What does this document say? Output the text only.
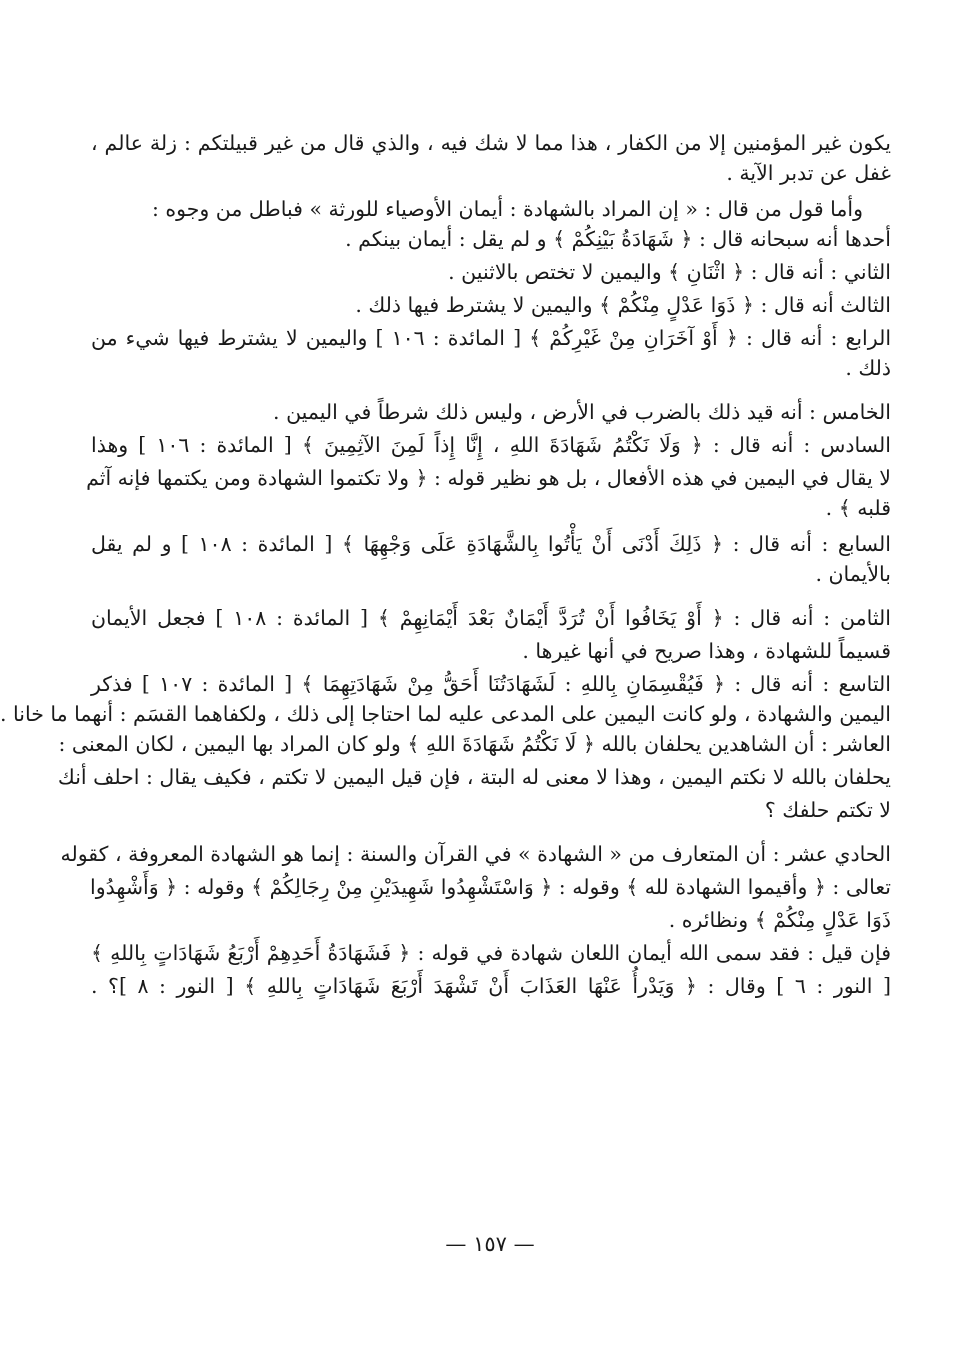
يكون غير المؤمنين إلا من الكفار ، هذا مما لا شك فيه ، والذي قال من غير قبيلتكم : زلة عالم ،
غفل عن تدبر الآية .
وأما قول من قال : « إن المراد بالشهادة : أيمان الأوصياء للورثة » فباطل من وجوه :
أحدها أنه سبحانه قال : ﴿ شَهَادَةُ بَيْنِكُمْ ﴾ و لم يقل : أيمان بينكم .
الثاني : أنه قال : ﴿ اثْنَانِ ﴾ واليمين لا تختص بالاثنين .
الثالث أنه قال : ﴿ ذَوَا عَدْلٍ مِنْكُمْ ﴾ واليمين لا يشترط فيها ذلك .
الرابع : أنه قال : ﴿ أَوْ آخَرَانِ مِنْ غَيْرِكُمْ ﴾ [ المائدة : ١٠٦ ] واليمين لا يشترط فيها شيء من
ذلك .
الخامس : أنه قيد ذلك بالضرب في الأرض ، وليس ذلك شرطاً في اليمين .
السادس : أنه قال : ﴿ وَلَا نَكْتُمُ شَهَادَةَ اللهِ ، إِنَّا إِذاً لَمِنَ الآثِمِينَ ﴾ [ المائدة : ١٠٦ ] وهذا
لا يقال في اليمين في هذه الأفعال ، بل هو نظير قوله : ﴿ ولا تكتموا الشهادة ومن يكتمها فإنه آثم
قلبه ﴾ .
السابع : أنه قال : ﴿ ذَلِكَ أَدْنَى أَنْ يَأْتُوا بِالشَّهَادَةِ عَلَى وَجْهِهَا ﴾ [ المائدة : ١٠٨ ] و لم يقل
بالأيمان .
الثامن : أنه قال : ﴿ أَوْ يَخَافُوا أَنْ تُرَدَّ أَيْمَانٌ بَعْدَ أَيْمَانِهِمْ ﴾ [ المائدة : ١٠٨ ] فجعل الأيمان
قسيماً للشهادة ، وهذا صريح في أنها غيرها .
التاسع : أنه قال : ﴿ فَيُقْسِمَانِ بِاللهِ : لَشَهَادَتُنَا أَحَقُّ مِنْ شَهَادَتِهِمَا ﴾ [ المائدة : ١٠٧ ] فذكر
اليمين والشهادة ، ولو كانت اليمين على المدعى عليه لما احتاجا إلى ذلك ، ولكفاهما القسَم : أنهما ما خانا .
العاشر : أن الشاهدين يحلفان بالله ﴿ لَا نَكْتُمُ شَهَادَةَ اللهِ ﴾ ولو كان المراد بها اليمين ، لكان المعنى :
يحلفان بالله لا نكتم اليمين ، وهذا لا معنى له البتة ، فإن قيل اليمين لا تكتم ، فكيف يقال : احلف أنك
لا تكتم حلفك ؟
الحادي عشر : أن المتعارف من « الشهادة » في القرآن والسنة : إنما هو الشهادة المعروفة ، كقوله
تعالى : ﴿ وأقيموا الشهادة لله ﴾ وقوله : ﴿ وَاسْتَشْهِدُوا شَهِيدَيْنِ مِنْ رِجَالِكُمْ ﴾ وقوله : ﴿ وَأَشْهِدُوا
ذَوَا عَدْلٍ مِنْكُمْ ﴾ ونظائره .
فإن قيل : فقد سمى الله أيمان اللعان شهادة في قوله : ﴿ فَشَهَادَةُ أَحَدِهِمْ أَرْبَعُ شَهَادَاتٍ بِاللهِ ﴾
[ النور : ٦ ] وقال : ﴿ وَيَدْرأُ عَنْهَا العَذَابَ أَنْ تَشْهَدَ أَرْبَعَ شَهَادَاتٍ بِاللهِ ﴾ [ النور : ٨ ]؟ .
— ١٥٧ —
